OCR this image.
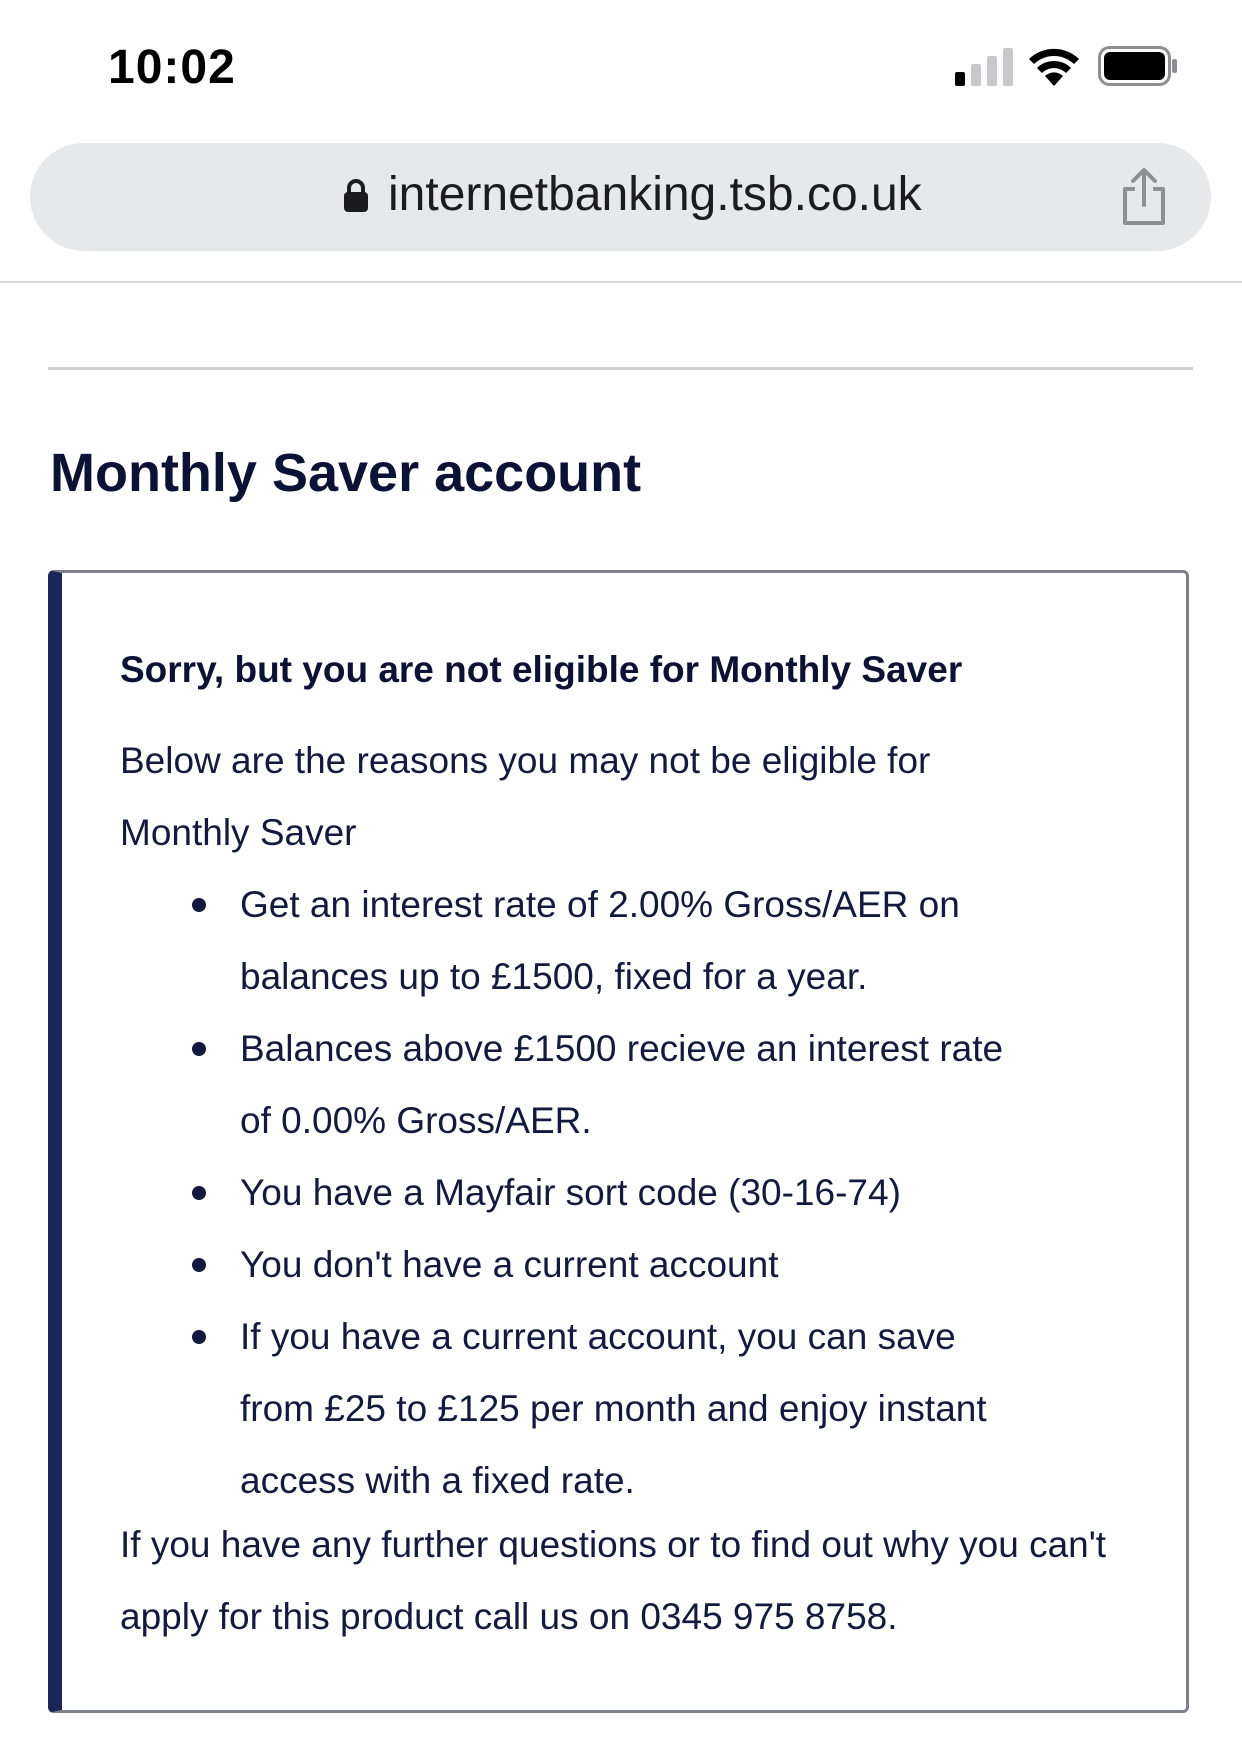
10:02
internetbanking.tsb.co.uk
Monthly Saver account
Sorry, but you are not eligible for Monthly Saver
Below are the reasons you may not be eligible for Monthly Saver
Get an interest rate of 2.00% Gross/AER on balances up to £1500, fixed for a year.
Balances above £1500 recieve an interest rate of 0.00% Gross/AER.
You have a Mayfair sort code (30-16-74)
You don't have a current account
If you have a current account, you can save from £25 to £125 per month and enjoy instant access with a fixed rate.
If you have any further questions or to find out why you can't apply for this product call us on 0345 975 8758.
